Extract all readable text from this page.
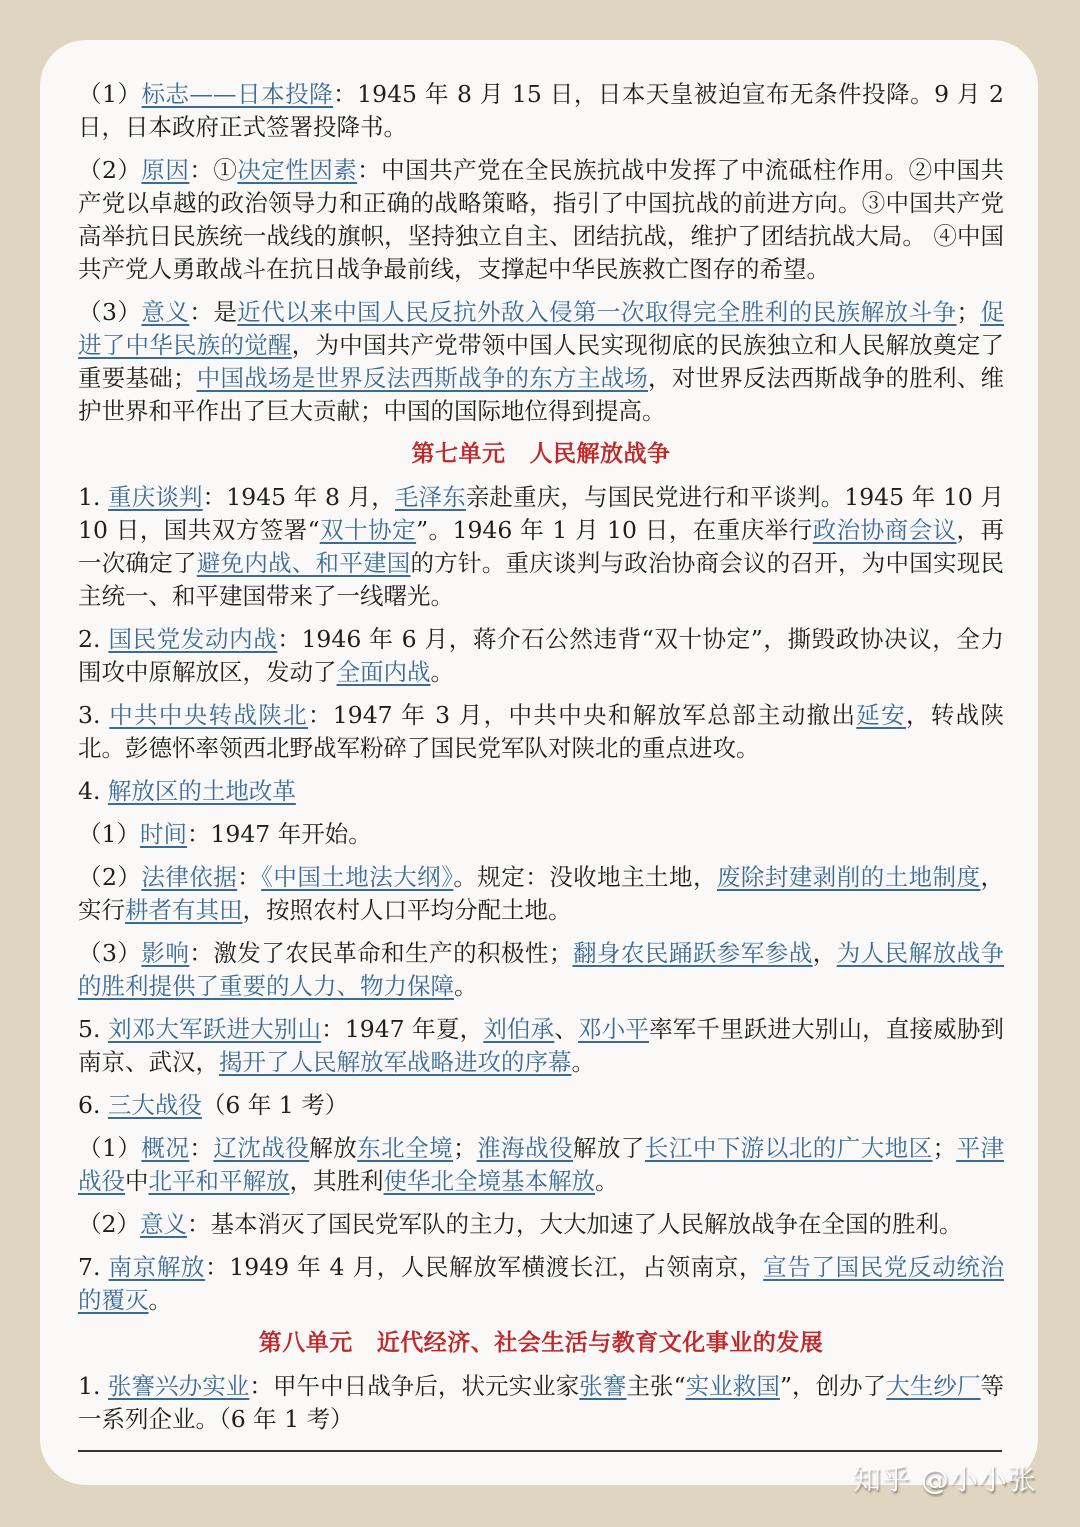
（1）标志——日本投降：1945 年 8 月 15 日，日本天皇被迫宣布无条件投降。9 月 2 日，日本政府正式签署投降书。

（2）原因：①决定性因素：中国共产党在全民族抗战中发挥了中流砥柱作用。②中国共产党以卓越的政治领导力和正确的战略策略，指引了中国抗战的前进方向。③中国共产党高举抗日民族统一战线的旗帜，坚持独立自主、团结抗战，维护了团结抗战大局。 ④中国共产党人勇敢战斗在抗日战争最前线，支撑起中华民族救亡图存的希望。

（3）意义：是近代以来中国人民反抗外敌入侵第一次取得完全胜利的民族解放斗争；促进了中华民族的觉醒，为中国共产党带领中国人民实现彻底的民族独立和人民解放奠定了重要基础；中国战场是世界反法西斯战争的东方主战场，对世界反法西斯战争的胜利、维护世界和平作出了巨大贡献；中国的国际地位得到提高。

第七单元 人民解放战争

1. 重庆谈判：1945 年 8 月，毛泽东亲赴重庆，与国民党进行和平谈判。1945 年 10 月 10 日，国共双方签署“双十协定”。1946 年 1 月 10 日，在重庆举行政治协商会议，再一次确定了避免内战、和平建国的方针。重庆谈判与政治协商会议的召开，为中国实现民主统一、和平建国带来了一线曙光。

2. 国民党发动内战：1946 年 6 月，蒋介石公然违背“双十协定”，撕毁政协决议，全力围攻中原解放区，发动了全面内战。

3. 中共中央转战陕北：1947 年 3 月，中共中央和解放军总部主动撤出延安，转战陕北。彭德怀率领西北野战军粉碎了国民党军队对陕北的重点进攻。

4. 解放区的土地改革

（1）时间：1947 年开始。

（2）法律依据：《中国土地法大纲》。规定：没收地主土地，废除封建剥削的土地制度，实行耕者有其田，按照农村人口平均分配土地。

（3）影响：激发了农民革命和生产的积极性；翻身农民踊跃参军参战，为人民解放战争的胜利提供了重要的人力、物力保障。

5. 刘邓大军跃进大别山：1947 年夏，刘伯承、邓小平率军千里跃进大别山，直接威胁到南京、武汉，揭开了人民解放军战略进攻的序幕。

6. 三大战役（6 年 1 考）

（1）概况：辽沈战役解放东北全境；淮海战役解放了长江中下游以北的广大地区；平津战役中北平和平解放，其胜利使华北全境基本解放。

（2）意义：基本消灭了国民党军队的主力，大大加速了人民解放战争在全国的胜利。

7. 南京解放：1949 年 4 月，人民解放军横渡长江，占领南京，宣告了国民党反动统治的覆灭。

第八单元 近代经济、社会生活与教育文化事业的发展

1. 张謇兴办实业：甲午中日战争后，状元实业家张謇主张“实业救国”，创办了大生纱厂等一系列企业。（6 年 1 考）

知乎 @小小张
